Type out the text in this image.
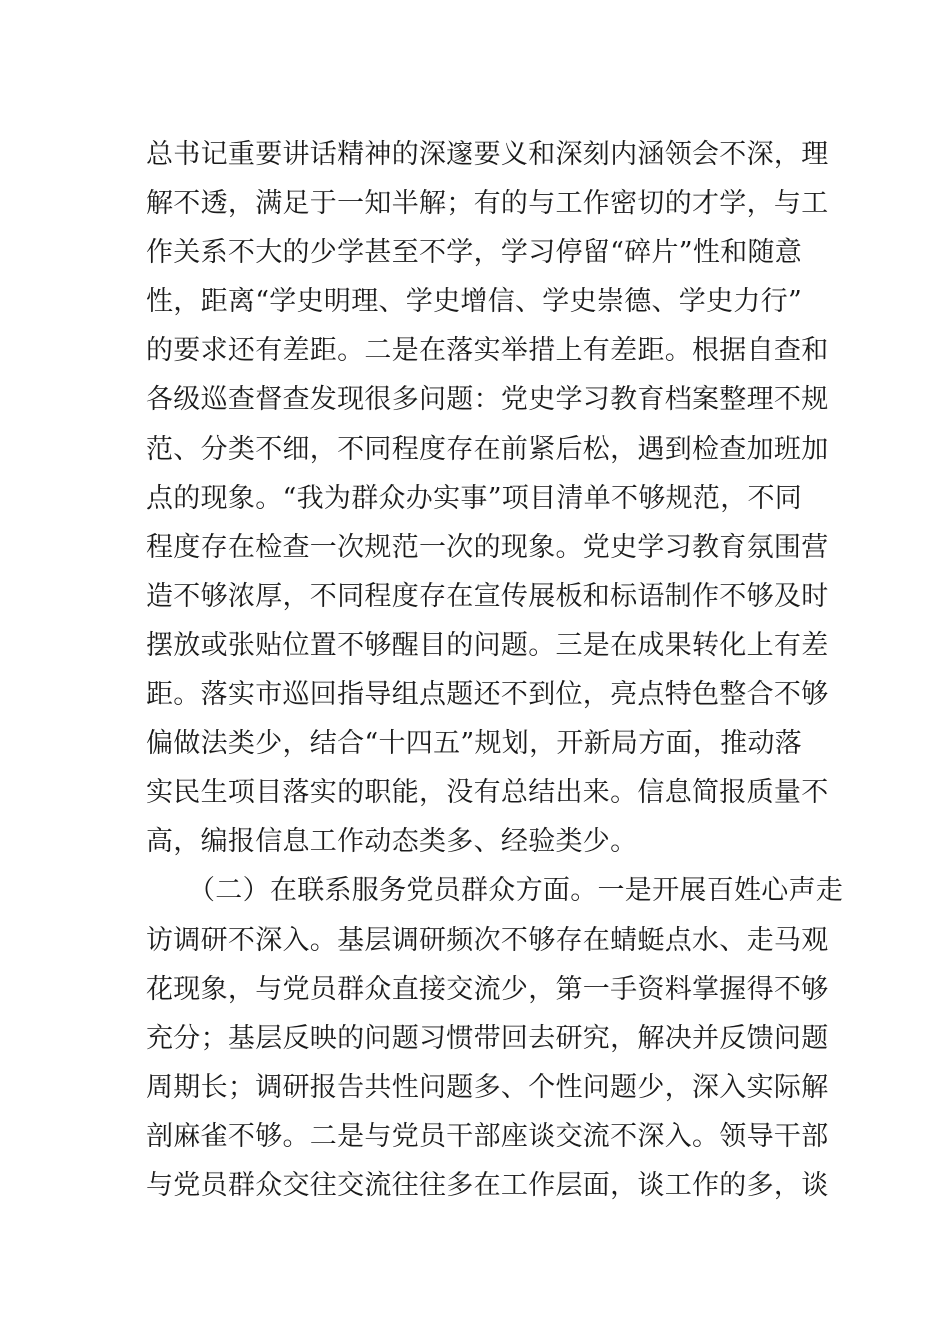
总书记重要讲话精神的深邃要义和深刻内涵领会不深，理
解不透，满足于一知半解；有的与工作密切的才学，与工
作关系不大的少学甚至不学，学习停留“碎片”性和随意
性，距离“学史明理、学史增信、学史崇德、学史力行”
的要求还有差距。二是在落实举措上有差距。根据自查和
各级巡查督查发现很多问题：党史学习教育档案整理不规
范、分类不细，不同程度存在前紧后松，遇到检查加班加
点的现象。“我为群众办实事”项目清单不够规范，不同
程度存在检查一次规范一次的现象。党史学习教育氛围营
造不够浓厚，不同程度存在宣传展板和标语制作不够及时
摆放或张贴位置不够醒目的问题。三是在成果转化上有差
距。落实市巡回指导组点题还不到位，亮点特色整合不够
偏做法类少，结合“十四五”规划，开新局方面，推动落
实民生项目落实的职能，没有总结出来。信息简报质量不
高，编报信息工作动态类多、经验类少。
（二）在联系服务党员群众方面。一是开展百姓心声走
访调研不深入。基层调研频次不够存在蜻蜓点水、走马观
花现象，与党员群众直接交流少，第一手资料掌握得不够
充分；基层反映的问题习惯带回去研究，解决并反馈问题
周期长；调研报告共性问题多、个性问题少，深入实际解
剖麻雀不够。二是与党员干部座谈交流不深入。领导干部
与党员群众交往交流往往多在工作层面，谈工作的多，谈
